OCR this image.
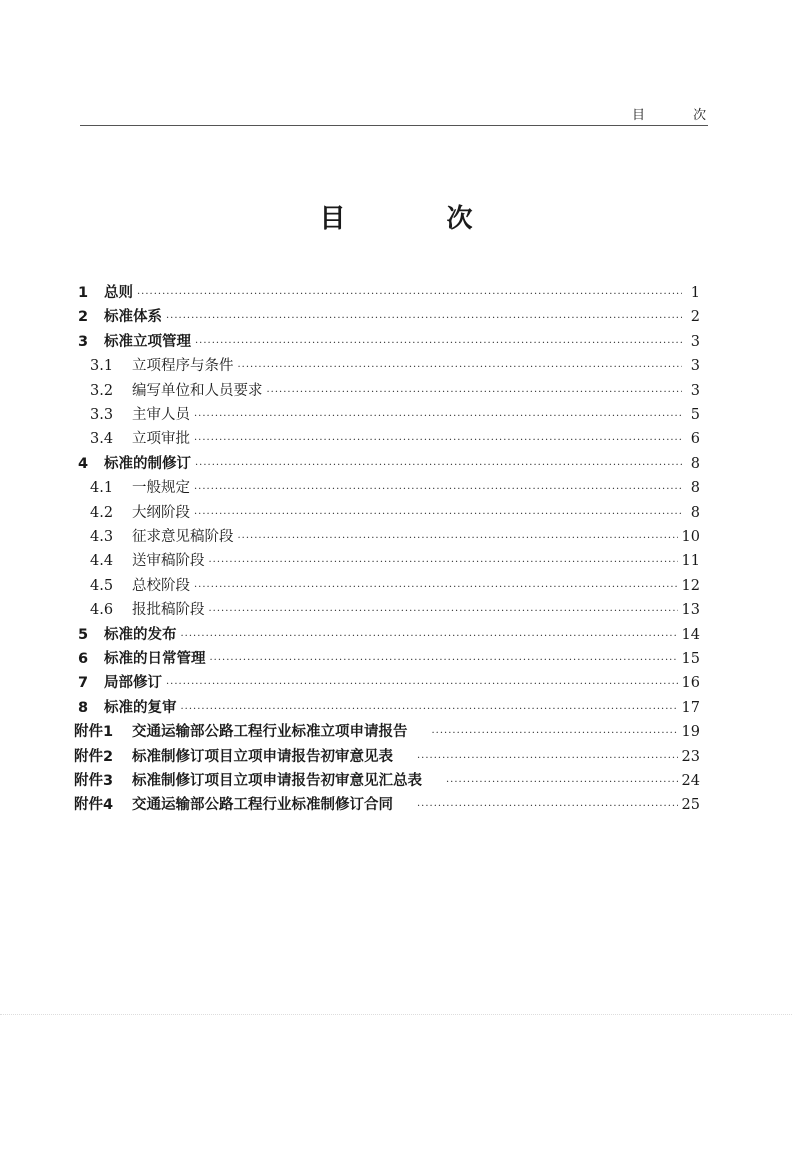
目 次
目 次
1	总则 ·····	1
2	标准体系 ·····	2
3	标准立项管理 ·····	3
3.1	立项程序与条件 ·····	3
3.2	编写单位和人员要求 ·····	3
3.3	主审人员 ·····	5
3.4	立项审批 ·····	6
4	标准的制修订 ·····	8
4.1	一般规定 ·····	8
4.2	大纲阶段 ·····	8
4.3	征求意见稿阶段 ·····	10
4.4	送审稿阶段 ·····	11
4.5	总校阶段 ·····	12
4.6	报批稿阶段 ·····	13
5	标准的发布 ·····	14
6	标准的日常管理 ·····	15
7	局部修订 ·····	16
8	标准的复审 ·····	17
附件1	交通运输部公路工程行业标准立项申请报告 ·····	19
附件2	标准制修订项目立项申请报告初审意见表 ·····	23
附件3	标准制修订项目立项申请报告初审意见汇总表 ·····	24
附件4	交通运输部公路工程行业标准制修订合同 ·····	25
